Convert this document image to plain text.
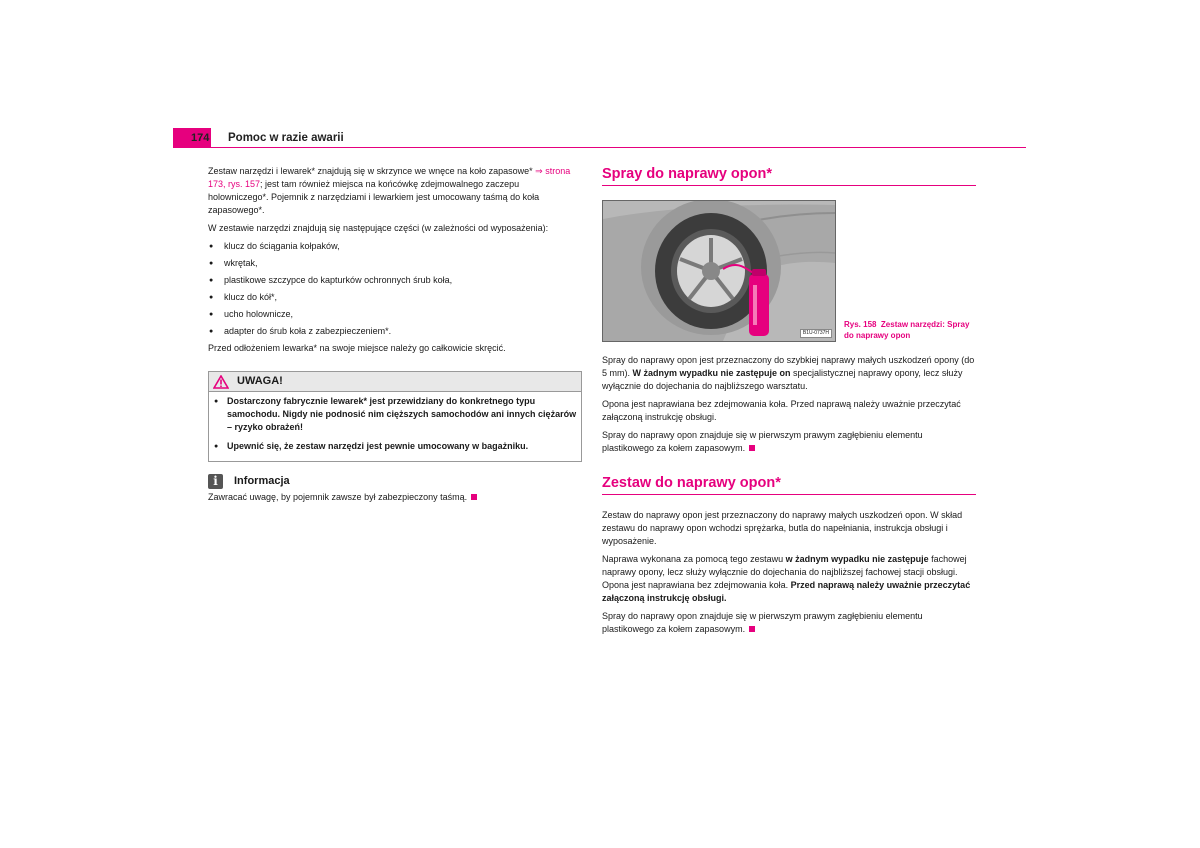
174 Pomoc w razie awarii

Zestaw narzędzi i lewarek* znajdują się w skrzynce we wnęce na koło zapasowe* ⇒ strona 173, rys. 157; jest tam również miejsca na końcówkę zdejmowalnego zaczepu holowniczego*. Pojemnik z narzędziami i lewarkiem jest umocowany taśmą do koła zapasowego*.

W zestawie narzędzi znajdują się następujące części (w zależności od wyposażenia):

● klucz do ściągania kołpaków,
● wkrętak,
● plastikowe szczypce do kapturków ochronnych śrub koła,
● klucz do kół*,
● ucho holownicze,
● adapter do śrub koła z zabezpieczeniem*.

Przed odłożeniem lewarka* na swoje miejsce należy go całkowicie skręcić.

UWAGA!
● Dostarczony fabrycznie lewarek* jest przewidziany do konkretnego typu samochodu. Nigdy nie podnosić nim cięższych samochodów ani innych ciężarów – ryzyko obrażeń!
● Upewnić się, że zestaw narzędzi jest pewnie umocowany w bagażniku.
i	Informacja

Zawracać uwagę, by pojemnik zawsze był zabezpieczony taśmą.

Spray do naprawy opon*
B1U-0737H
Rys. 158 Zestaw narzędzi: Spray do naprawy opon

Spray do naprawy opon jest przeznaczony do szybkiej naprawy małych uszkodzeń opony (do 5 mm). W żadnym wypadku nie zastępuje on specjalistycznej naprawy opony, lecz służy wyłącznie do dojechania do najbliższego warsztatu.

Opona jest naprawiana bez zdejmowania koła. Przed naprawą należy uważnie przeczytać załączoną instrukcję obsługi.

Spray do naprawy opon znajduje się w pierwszym prawym zagłębieniu elementu plastikowego za kołem zapasowym.

Zestaw do naprawy opon*

Zestaw do naprawy opon jest przeznaczony do naprawy małych uszkodzeń opon. W skład zestawu do naprawy opon wchodzi sprężarka, butla do napełniania, instrukcja obsługi i wyposażenie.

Naprawa wykonana za pomocą tego zestawu w żadnym wypadku nie zastępuje fachowej naprawy opony, lecz służy wyłącznie do dojechania do najbliższej fachowej stacji obsługi. Opona jest naprawiana bez zdejmowania koła. Przed naprawą należy uważnie przeczytać załączoną instrukcję obsługi.

Spray do naprawy opon znajduje się w pierwszym prawym zagłębieniu elementu plastikowego za kołem zapasowym.
